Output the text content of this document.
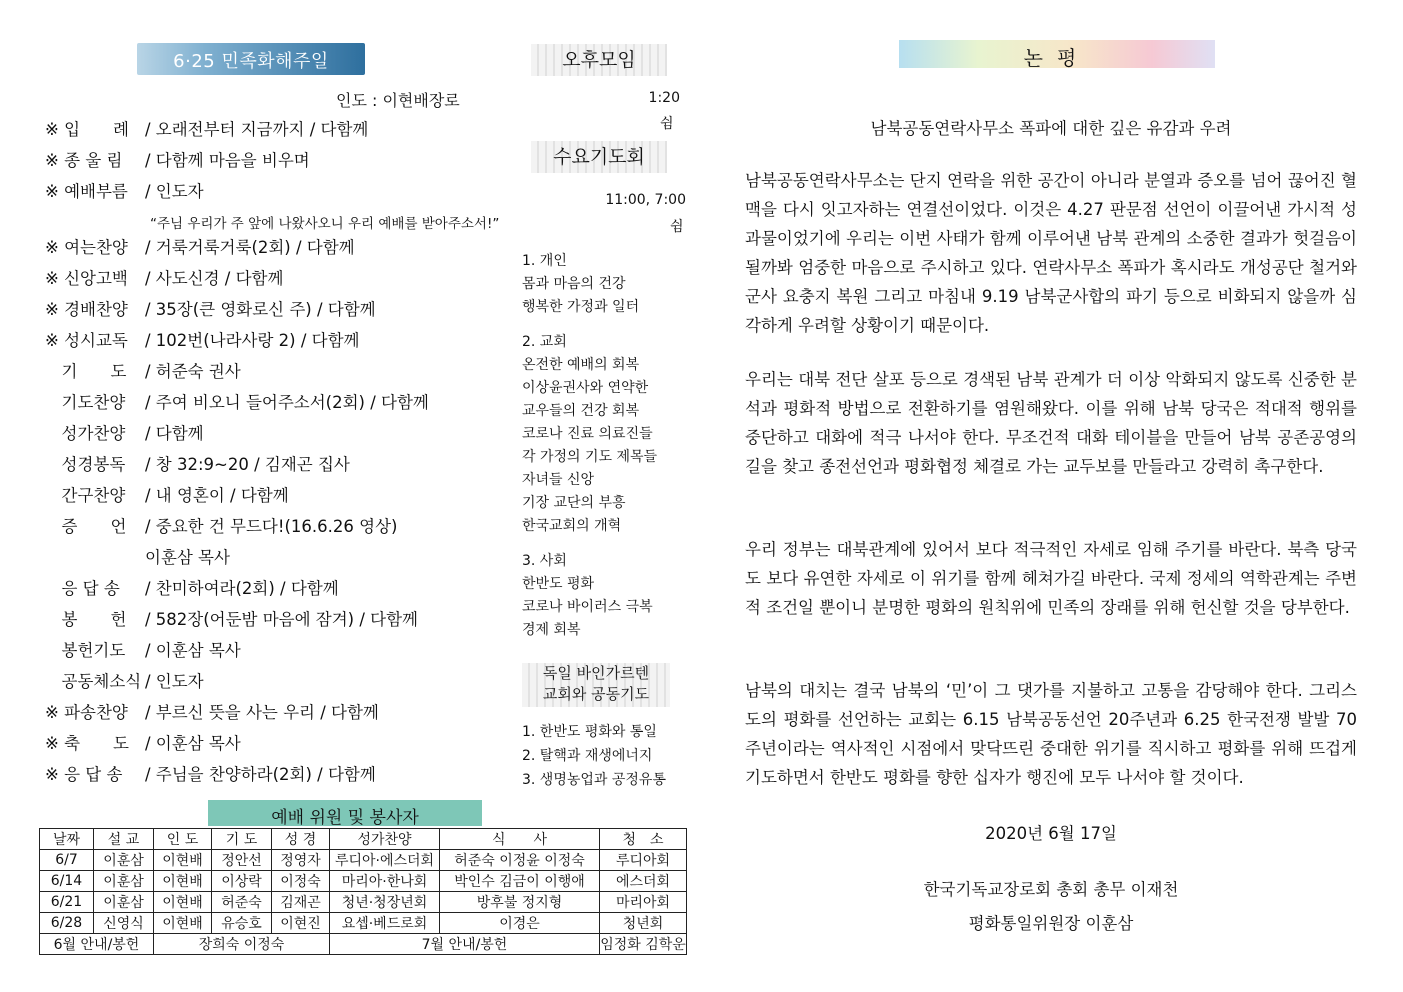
6·25 민족화해주일
인도 : 이현배장로
※ 입　　례 / 오래전부터 지금까지 / 다함께
※ 종 울 림 / 다함께 마음을 비우며
※ 예배부름 / 인도자
※ 여는찬양 / 거룩거룩거룩(2회) / 다함께
※ 신앙고백 / 사도신경 / 다함께
※ 경배찬양 / 35장(큰 영화로신 주) / 다함께
※ 성시교독 / 102번(나라사랑 2) / 다함께
　기　　도 / 허준숙 권사
　기도찬양 / 주여 비오니 들어주소서(2회) / 다함께
　성가찬양 / 다함께
　성경봉독 / 창 32:9~20 / 김재곤 집사
　간구찬양 / 내 영혼이 / 다함께
　증　　언 / 중요한 건 무드다!(16.6.26 영상)
이훈삼 목사
　응 답 송 / 찬미하여라(2회) / 다함께
　봉　　헌 / 582장(어둔밤 마음에 잠겨) / 다함께
　봉헌기도 / 이훈삼 목사
　공동체소식 / 인도자
※ 파송찬양 / 부르신 뜻을 사는 우리 / 다함께
※ 축　　도 / 이훈삼 목사
※ 응 답 송 / 주님을 찬양하라(2회) / 다함께
“주님 우리가 주 앞에 나왔사오니 우리 예배를 받아주소서!”
오후모임
1:20
쉼
수요기도회
11:00, 7:00
쉼
1. 개인
몸과 마음의 건강
행복한 가정과 일터
2. 교회
온전한 예배의 회복
이상윤권사와 연약한
교우들의 건강 회복
코로나 진료 의료진들
각 가정의 기도 제목들
자녀들 신앙
기장 교단의 부흥
한국교회의 개혁
3. 사회
한반도 평화
코로나 바이러스 극복
경제 회복
독일 바인가르텐
교회와 공동기도
1. 한반도 평화와 통일
2. 탈핵과 재생에너지
3. 생명농업과 공정유통
예배 위원 및 봉사자
날짜	설 교	인 도	기 도	성 경	성가찬양	식　　사	청　소
6/7	이훈삼	이현배	정안선	정영자	루디아·에스더회	허준숙 이정윤 이정숙	루디아회
6/14	이훈삼	이현배	이상락	이정숙	마리아·한나회	박인수 김금이 이행애	에스더회
6/21	이훈삼	이현배	허준숙	김재곤	청년·청장년회	방후불 정지형	마리아회
6/28	신영식	이현배	유승호	이현진	요셉·베드로회	이경은	청년회
6월 안내/봉헌		장희숙 이정숙			7월 안내/봉헌		임정화 김학운
논평
남북공동연락사무소 폭파에 대한 깊은 유감과 우려
남북공동연락사무소는 단지 연락을 위한 공간이 아니라 분열과 증오를 넘어 끊어진 혈맥을 다시 잇고자하는 연결선이었다. 이것은 4.27 판문점 선언이 이끌어낸 가시적 성과물이었기에 우리는 이번 사태가 함께 이루어낸 남북 관계의 소중한 결과가 헛걸음이 될까봐 엄중한 마음으로 주시하고 있다. 연락사무소 폭파가 혹시라도 개성공단 철거와 군사 요충지 복원 그리고 마침내 9.19 남북군사합의 파기 등으로 비화되지 않을까 심각하게 우려할 상황이기 때문이다.
우리는 대북 전단 살포 등으로 경색된 남북 관계가 더 이상 악화되지 않도록 신중한 분석과 평화적 방법으로 전환하기를 염원해왔다. 이를 위해 남북 당국은 적대적 행위를 중단하고 대화에 적극 나서야 한다. 무조건적 대화 테이블을 만들어 남북 공존공영의 길을 찾고 종전선언과 평화협정 체결로 가는 교두보를 만들라고 강력히 촉구한다.
우리 정부는 대북관계에 있어서 보다 적극적인 자세로 임해 주기를 바란다. 북측 당국도 보다 유연한 자세로 이 위기를 함께 헤쳐가길 바란다. 국제 정세의 역학관계는 주변적 조건일 뿐이니 분명한 평화의 원칙위에 민족의 장래를 위해 헌신할 것을 당부한다.
남북의 대치는 결국 남북의 ‘민’이 그 댓가를 지불하고 고통을 감당해야 한다. 그리스도의 평화를 선언하는 교회는 6.15 남북공동선언 20주년과 6.25 한국전쟁 발발 70주년이라는 역사적인 시점에서 맞닥뜨린 중대한 위기를 직시하고 평화를 위해 뜨겁게 기도하면서 한반도 평화를 향한 십자가 행진에 모두 나서야 할 것이다.
2020년 6월 17일
한국기독교장로회 총회 총무 이재천
평화통일위원장 이훈삼
